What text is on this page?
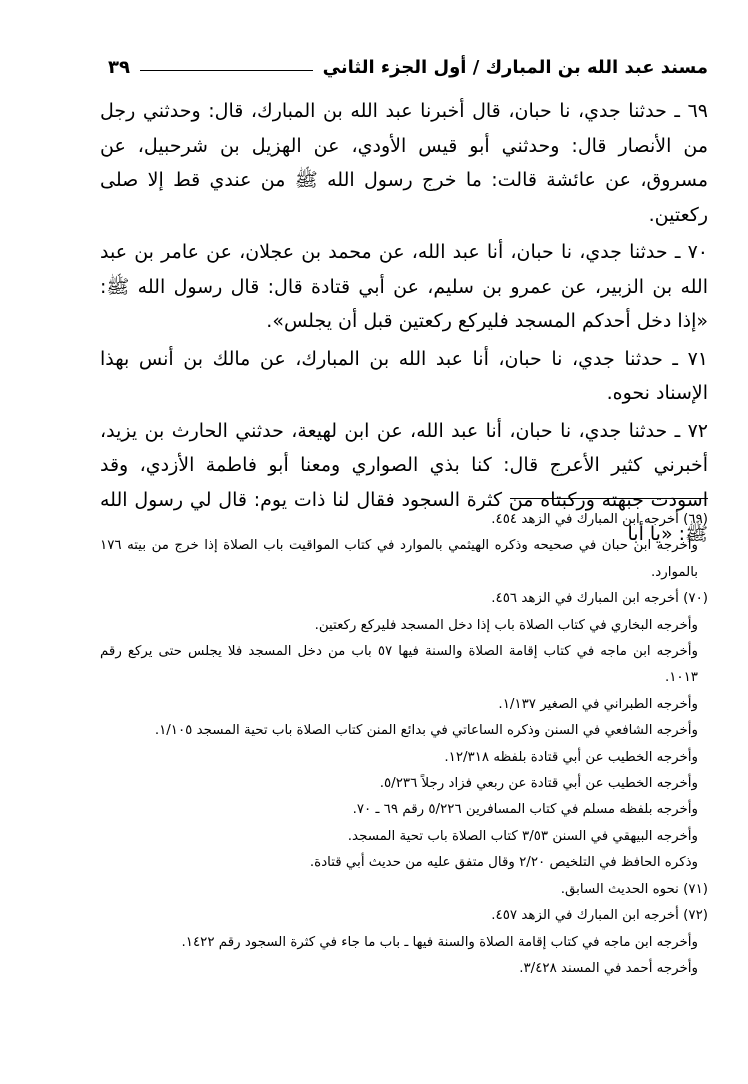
مسند عبد الله بن المبارك / أول الجزء الثاني
٣٩

٦٩ ـ حدثنا جدي، نا حبان، قال أخبرنا عبد الله بن المبارك، قال: وحدثني رجل من الأنصار قال: وحدثني أبو قيس الأودي، عن الهزيل بن شرحبيل، عن مسروق، عن عائشة قالت: ما خرج رسول الله ﷺ من عندي قط إلا صلى ركعتين.

٧٠ ـ حدثنا جدي، نا حبان، أنا عبد الله، عن محمد بن عجلان، عن عامر بن عبد الله بن الزبير، عن عمرو بن سليم، عن أبي قتادة قال: قال رسول الله ﷺ: «إذا دخل أحدكم المسجد فليركع ركعتين قبل أن يجلس».

٧١ ـ حدثنا جدي، نا حبان، أنا عبد الله بن المبارك، عن مالك بن أنس بهذا الإسناد نحوه.

٧٢ ـ حدثنا جدي، نا حبان، أنا عبد الله، عن ابن لهيعة، حدثني الحارث بن يزيد، أخبرني كثير الأعرج قال: كنا بذي الصواري ومعنا أبو فاطمة الأزدي، وقد اسودت جبهته وركبتاه من كثرة السجود فقال لنا ذات يوم: قال لي رسول الله ﷺ: «يا أبا

(٦٩) أخرجه ابن المبارك في الزهد ٤٥٤.

وأخرجه ابن حبان في صحيحه وذكره الهيثمي بالموارد في كتاب المواقيت باب الصلاة إذا خرج من بيته ١٧٦ بالموارد.

(٧٠) أخرجه ابن المبارك في الزهد ٤٥٦.

وأخرجه البخاري في كتاب الصلاة باب إذا دخل المسجد فليركع ركعتين.

وأخرجه ابن ماجه في كتاب إقامة الصلاة والسنة فيها ٥٧ باب من دخل المسجد فلا يجلس حتى يركع رقم ١٠١٣.

وأخرجه الطبراني في الصغير ١/١٣٧.

وأخرجه الشافعي في السنن وذكره الساعاتي في بدائع المنن كتاب الصلاة باب تحية المسجد ١/١٠٥.

وأخرجه الخطيب عن أبي قتادة بلفظه ١٢/٣١٨.

وأخرجه الخطيب عن أبي قتادة عن ربعي فزاد رجلاً ٥/٢٣٦.

وأخرجه بلفظه مسلم في كتاب المسافرين ٥/٢٢٦ رقم ٦٩ ـ ٧٠.

وأخرجه البيهقي في السنن ٣/٥٣ كتاب الصلاة باب تحية المسجد.

وذكره الحافظ في التلخيص ٢/٢٠ وقال متفق عليه من حديث أبي قتادة.

(٧١) نحوه الحديث السابق.

(٧٢) أخرجه ابن المبارك في الزهد ٤٥٧.

وأخرجه ابن ماجه في كتاب إقامة الصلاة والسنة فيها ـ باب ما جاء في كثرة السجود رقم ١٤٢٢.

وأخرجه أحمد في المسند ٣/٤٢٨.
